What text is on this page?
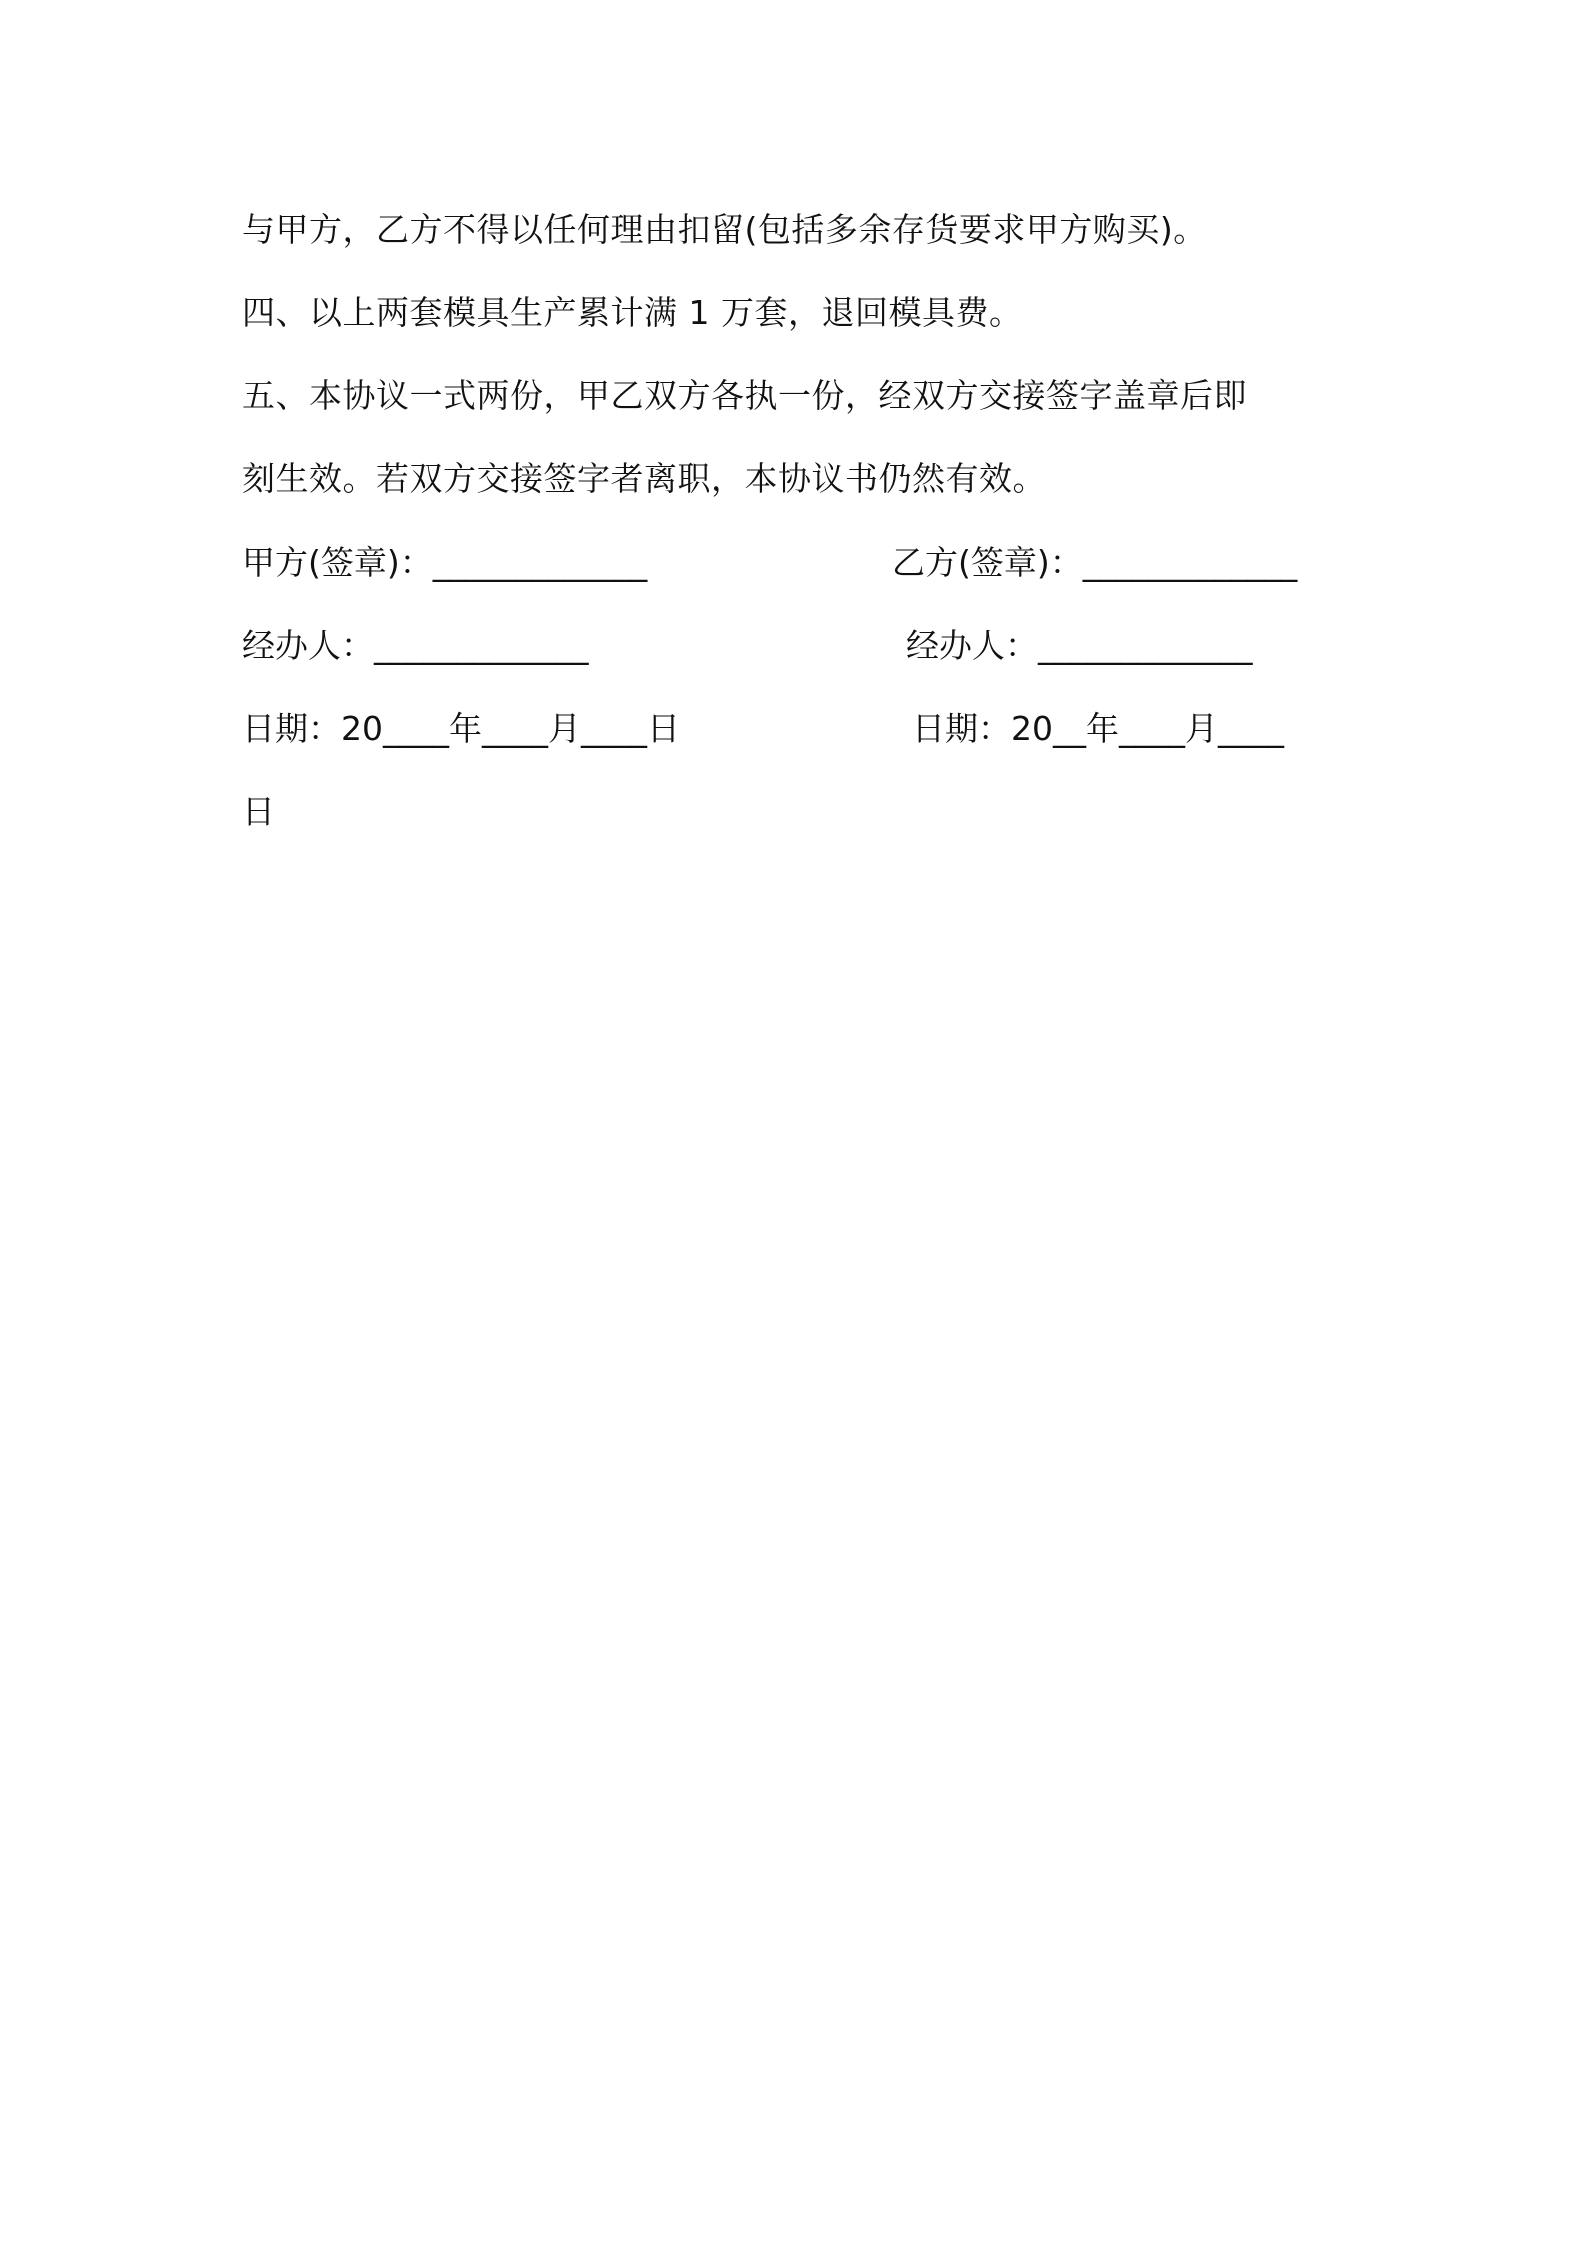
与甲方，乙方不得以任何理由扣留(包括多余存货要求甲方购买)。
四、以上两套模具生产累计满 1 万套，退回模具费。
五、本协议一式两份，甲乙双方各执一份，经双方交接签字盖章后即
刻生效。若双方交接签字者离职，本协议书仍然有效。
甲方(签章)：_____________	乙方(签章)：_____________
经办人：_____________	经办人：_____________
日期：20____年____月____日	日期：20__年____月____
日
